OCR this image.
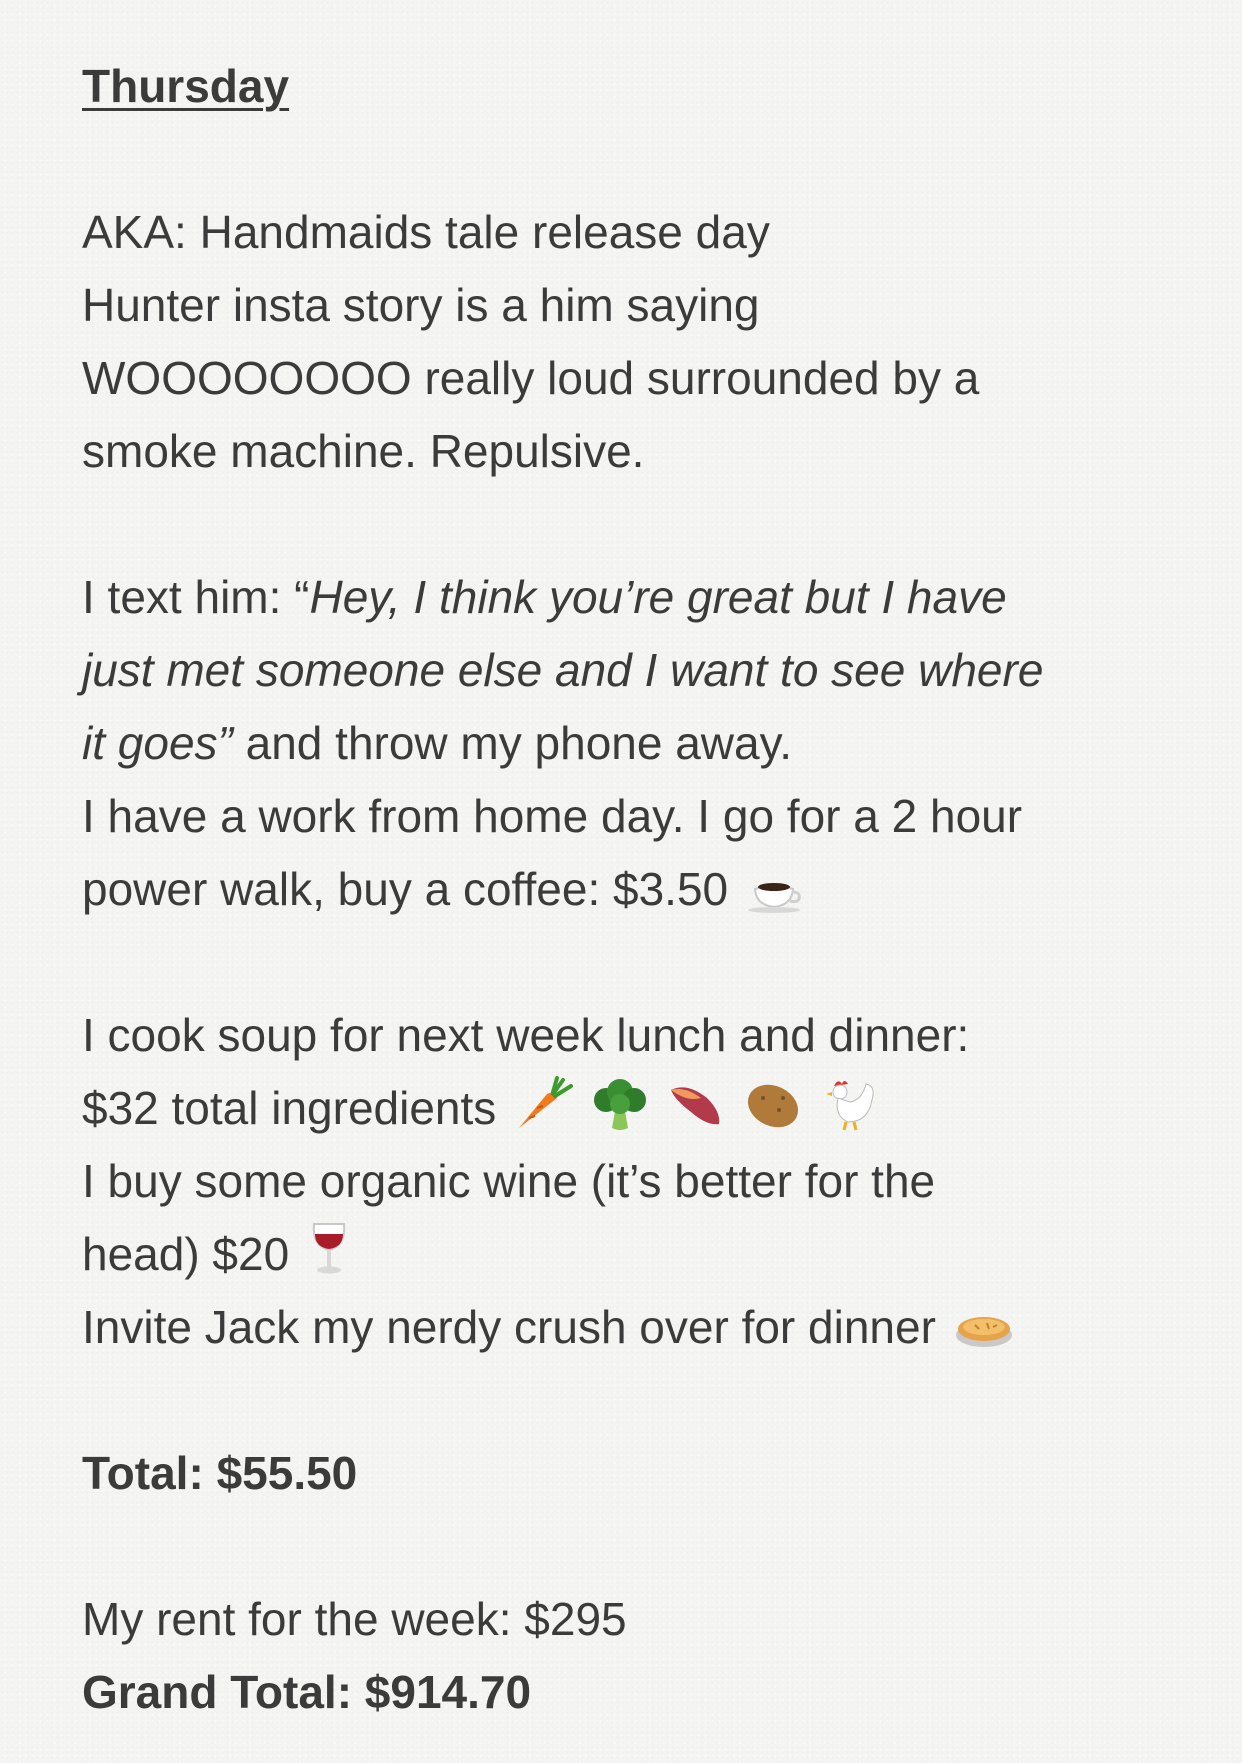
Thursday
AKA: Handmaids tale release day
Hunter insta story is a him saying
WOOOOOOOO really loud surrounded by a
smoke machine. Repulsive.
I text him: “Hey, I think you’re great but I have
just met someone else and I want to see where
it goes” and throw my phone away.
I have a work from home day. I go for a 2 hour
power walk, buy a coffee: $3.50
I cook soup for next week lunch and dinner:
$32 total ingredients
I buy some organic wine (it’s better for the
head) $20
Invite Jack my nerdy crush over for dinner
Total: $55.50
My rent for the week: $295
Grand Total: $914.70
